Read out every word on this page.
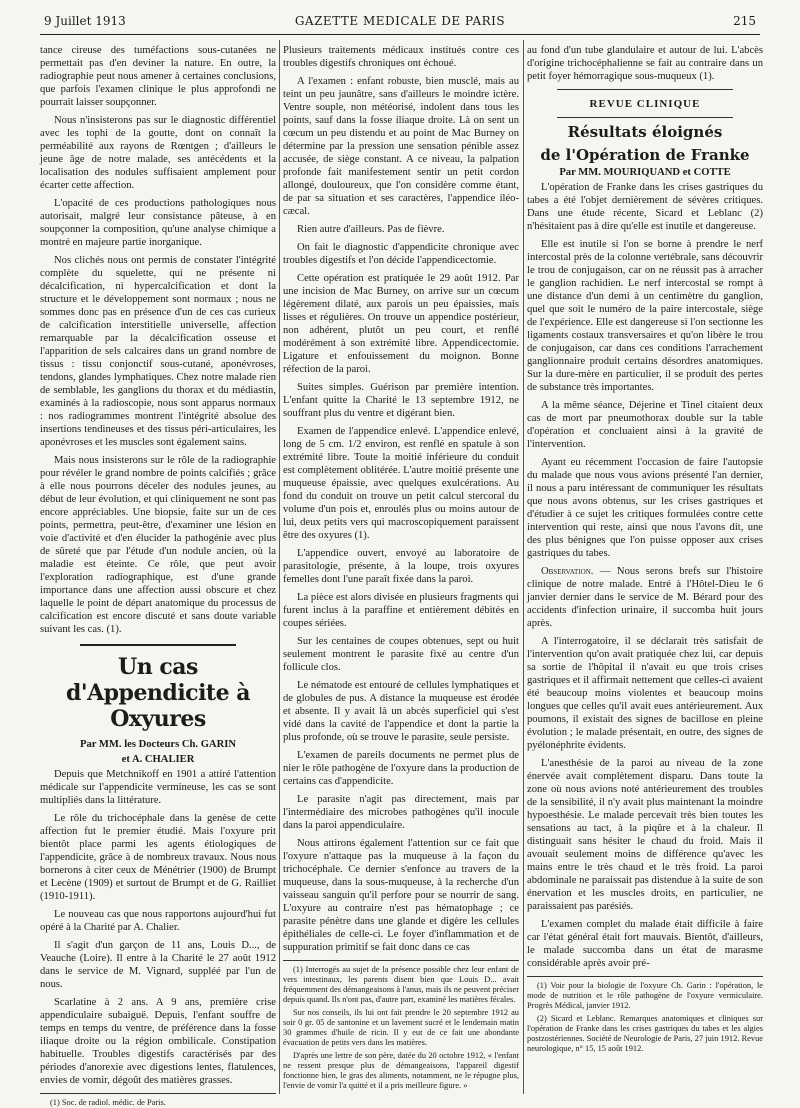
9 Juillet 1913	GAZETTE MEDICALE DE PARIS	215

tance cireuse des tuméfactions sous-cutanées ne permettait pas d'en deviner la nature. En outre, la radiographie peut nous amener à certaines conclusions, que parfois l'examen clinique le plus approfondi ne pourrait laisser soupçonner.

Nous n'insisterons pas sur le diagnostic différentiel avec les tophi de la goutte, dont on connaît la perméabilité aux rayons de Rœntgen ; d'ailleurs le jeune âge de notre malade, ses antécédents et la localisation des nodules suffisaient amplement pour écarter cette affection.

L'opacité de ces productions pathologiques nous autorisait, malgré leur consistance pâteuse, à en soupçonner la composition, qu'une analyse chimique a montré en majeure partie inorganique.

Nos clichés nous ont permis de constater l'intégrité complète du squelette, qui ne présente ni décalcification, ni hypercalcification et dont la structure et le développement sont normaux ; nous ne sommes donc pas en présence d'un de ces cas curieux de calcification interstitielle universelle, affection remarquable par la décalcification osseuse et l'apparition de sels calcaires dans un grand nombre de tissus : tissu conjonctif sous-cutané, aponévroses, tendons, glandes lymphatiques. Chez notre malade rien de semblable, les ganglions du thorax et du médiastin, examinés à la radioscopie, nous sont apparus normaux : nos radiogrammes montrent l'intégrité absolue des insertions tendineuses et des tissus péri-articulaires, les aponévroses et les muscles sont également sains.

Mais nous insisterons sur le rôle de la radiographie pour révéler le grand nombre de points calcifiés ; grâce à elle nous pourrons déceler des nodules jeunes, au début de leur évolution, et qui cliniquement ne sont pas encore appréciables. Une biopsie, faite sur un de ces points, permettra, peut-être, d'examiner une lésion en voie d'activité et d'en élucider la pathogénie avec plus de sûreté que par l'étude d'un nodule ancien, où la maladie est éteinte. Ce rôle, que peut avoir l'exploration radiographique, est d'une grande importance dans une affection aussi obscure et chez laquelle le point de départ anatomique du processus de calcification est encore discuté et sans doute variable suivant les cas. (1).

Un cas d'Appendicite à Oxyures
Par MM. les Docteurs Ch. GARIN
et A. CHALIER

Depuis que Metchnikoff en 1901 a attiré l'attention médicale sur l'appendicite vermineuse, les cas se sont multipliés dans la littérature.

Le rôle du trichocéphale dans la genèse de cette affection fut le premier étudié. Mais l'oxyure prit bientôt place parmi les agents étiologiques de l'appendicite, grâce à de nombreux travaux. Nous nous bornerons à citer ceux de Ménétrier (1900) de Brumpt et Lecène (1909) et surtout de Brumpt et de G. Railliet (1910-1911).

Le nouveau cas que nous rapportons aujourd'hui fut opéré à la Charité par A. Chalier.

Il s'agit d'un garçon de 11 ans, Louis D..., de Veauche (Loire). Il entre à la Charité le 27 août 1912 dans le service de M. Vignard, suppléé par l'un de nous.

Scarlatine à 2 ans. A 9 ans, première crise appendiculaire subaiguë. Depuis, l'enfant souffre de temps en temps du ventre, de préférence dans la fosse iliaque droite ou la région ombilicale. Constipation habituelle. Troubles digestifs caractérisés par des périodes d'anorexie avec digestions lentes, flatulences, envies de vomir, dégoût des matières grasses.

(1) Soc. de radiol. médic. de Paris.

Plusieurs traitements médicaux institués contre ces troubles digestifs chroniques ont échoué.

A l'examen : enfant robuste, bien musclé, mais au teint un peu jaunâtre, sans d'ailleurs le moindre ictère. Ventre souple, non météorisé, indolent dans tous les points, sauf dans la fosse iliaque droite. Là on sent un cœcum un peu distendu et au point de Mac Burney on détermine par la pression une sensation pénible assez accusée, de siège constant. A ce niveau, la palpation profonde fait manifestement sentir un petit cordon allongé, douloureux, que l'on considère comme étant, de par sa situation et ses caractères, l'appendice iléo-cæcal.

Rien autre d'ailleurs. Pas de fièvre.

On fait le diagnostic d'appendicite chronique avec troubles digestifs et l'on décide l'appendicectomie.

Cette opération est pratiquée le 29 août 1912. Par une incision de Mac Burney, on arrive sur un cœcum légèrement dilaté, aux parois un peu épaissies, mais lisses et régulières. On trouve un appendice postérieur, non adhérent, plutôt un peu court, et renflé modérément à son extrémité libre. Appendicectomie. Ligature et enfouissement du moignon. Bonne réfection de la paroi.

Suites simples. Guérison par première intention. L'enfant quitte la Charité le 13 septembre 1912, ne souffrant plus du ventre et digérant bien.

Examen de l'appendice enlevé. L'appendice enlevé, long de 5 cm. 1/2 environ, est renflé en spatule à son extrémité libre. Toute la moitié inférieure du conduit est complètement oblitérée. L'autre moitié présente une muqueuse épaissie, avec quelques exulcérations. Au fond du conduit on trouve un petit calcul stercoral du volume d'un pois et, enroulés plus ou moins autour de lui, deux petits vers qui macroscopiquement paraissent être des oxyures (1).

L'appendice ouvert, envoyé au laboratoire de parasitologie, présente, à la loupe, trois oxyures femelles dont l'une paraît fixée dans la paroi.

La pièce est alors divisée en plusieurs fragments qui furent inclus à la paraffine et entièrement débités en coupes sériées.

Sur les centaines de coupes obtenues, sept ou huit seulement montrent le parasite fixé au centre d'un follicule clos.

Le nématode est entouré de cellules lymphatiques et de globules de pus. A distance la muqueuse est érodée et absente. Il y avait là un abcès superficiel qui s'est vidé dans la cavité de l'appendice et dont la partie la plus profonde, où se trouve le parasite, seule persiste.

L'examen de pareils documents ne permet plus de nier le rôle pathogène de l'oxyure dans la production de certains cas d'appendicite.

Le parasite n'agit pas directement, mais par l'intermédiaire des microbes pathogènes qu'il inocule dans la paroi appendiculaire.

Nous attirons également l'attention sur ce fait que l'oxyure n'attaque pas la muqueuse à la façon du trichocéphale. Ce dernier s'enfonce au travers de la muqueuse, dans la sous-muqueuse, à la recherche d'un vaisseau sanguin qu'il perfore pour se nourrir de sang. L'oxyure au contraire n'est pas hématophage ; ce parasite pénètre dans une glande et digère les cellules épithéliales de celle-ci. Le foyer d'inflammation et de suppuration primitif se fait donc dans ce cas

(1) Interrogés au sujet de la présence possible chez leur enfant de vers intestinaux, les parents disent bien que Louis D... avait fréquemment des démangeaisons à l'anus, mais ils ne peuvent préciser depuis quand. Ils n'ont pas, d'autre part, examiné les matières fécales.

Sur nos conseils, ils lui ont fait prendre le 20 septembre 1912 au soir 0 gr. 05 de santonine et un lavement sucré et le lendemain matin 30 grammes d'huile de ricin. Il y eut de ce fait une abondante évacuation de petits vers dans les matières.

D'après une lettre de son père, datée du 20 octobre 1912, « l'enfant ne ressent presque plus de démangeaisons, l'appareil digestif fonctionne bien, le gras des aliments, notamment, ne le répugne plus, l'envie de vomir l'a quitté et il a pris meilleure figure. »

au fond d'un tube glandulaire et autour de lui. L'abcès d'origine trichocéphalienne se fait au contraire dans un petit foyer hémorragique sous-muqueux (1).

REVUE CLINIQUE
Résultats éloignés
de l'Opération de Franke
Par MM. MOURIQUAND et COTTE

L'opération de Franke dans les crises gastriques du tabes a été l'objet dernièrement de sévères critiques. Dans une étude récente, Sicard et Leblanc (2) n'hésitaient pas à dire qu'elle est inutile et dangereuse.

Elle est inutile si l'on se borne à prendre le nerf intercostal près de la colonne vertébrale, sans découvrir le trou de conjugaison, car on ne réussit pas à arracher le ganglion rachidien. Le nerf intercostal se rompt à une distance d'un demi à un centimètre du ganglion, quel que soit le numéro de la paire intercostale, siège de l'expérience. Elle est dangereuse si l'on sectionne les ligaments costaux transversaires et qu'on libère le trou de conjugaison, car dans ces conditions l'arrachement ganglionnaire produit certains désordres anatomiques. Sur la dure-mère en particulier, il se produit des pertes de substance très importantes.

A la même séance, Déjerine et Tinel citaient deux cas de mort par pneumothorax double sur la table d'opération et concluaient ainsi à la gravité de l'intervention.

Ayant eu récemment l'occasion de faire l'autopsie du malade que nous vous avions présenté l'an dernier, il nous a paru intéressant de communiquer les résultats que nous avons obtenus, sur les crises gastriques et d'étudier à ce sujet les critiques formulées contre cette intervention qui reste, ainsi que nous l'avons dit, une des plus bénignes que l'on puisse opposer aux crises gastriques du tabes.

Observation. — Nous serons brefs sur l'histoire clinique de notre malade. Entré à l'Hôtel-Dieu le 6 janvier dernier dans le service de M. Bérard pour des accidents d'infection urinaire, il succomba huit jours après.

A l'interrogatoire, il se déclarait très satisfait de l'intervention qu'on avait pratiquée chez lui, car depuis sa sortie de l'hôpital il n'avait eu que trois crises gastriques et il affirmait nettement que celles-ci avaient été beaucoup moins violentes et beaucoup moins longues que celles qu'il avait eues antérieurement. Aux poumons, il existait des signes de bacillose en pleine évolution ; le malade présentait, en outre, des signes de pyélonéphrite évidents.

L'anesthésie de la paroi au niveau de la zone énervée avait complètement disparu. Dans toute la zone où nous avions noté antérieurement des troubles de la sensibilité, il n'y avait plus maintenant la moindre hypoesthésie. Le malade percevait très bien toutes les sensations au tact, à la piqûre et à la chaleur. Il distinguait sans hésiter le chaud du froid. Mais il avouait seulement moins de différence qu'avec les mains entre le très chaud et le très froid. La paroi abdominale ne paraissait pas distendue à la suite de son énervation et les muscles droits, en particulier, ne paraissaient pas parésiés.

L'examen complet du malade était difficile à faire car l'état général était fort mauvais. Bientôt, d'ailleurs, le malade succomba dans un état de marasme considérable après avoir pré-

(1) Voir pour la biologie de l'oxyure Ch. Garin : l'opération, le mode de nutrition et le rôle pathogène de l'oxyure vermiculaire. Progrès Médical, janvier 1912.

(2) Sicard et Leblanc. Remarques anatomiques et cliniques sur l'opération de Franke dans les crises gastriques du tabes et les algies postzostériennes. Société de Neurologie de Paris, 27 juin 1912. Revue neurologique, n° 15, 15 août 1912.
